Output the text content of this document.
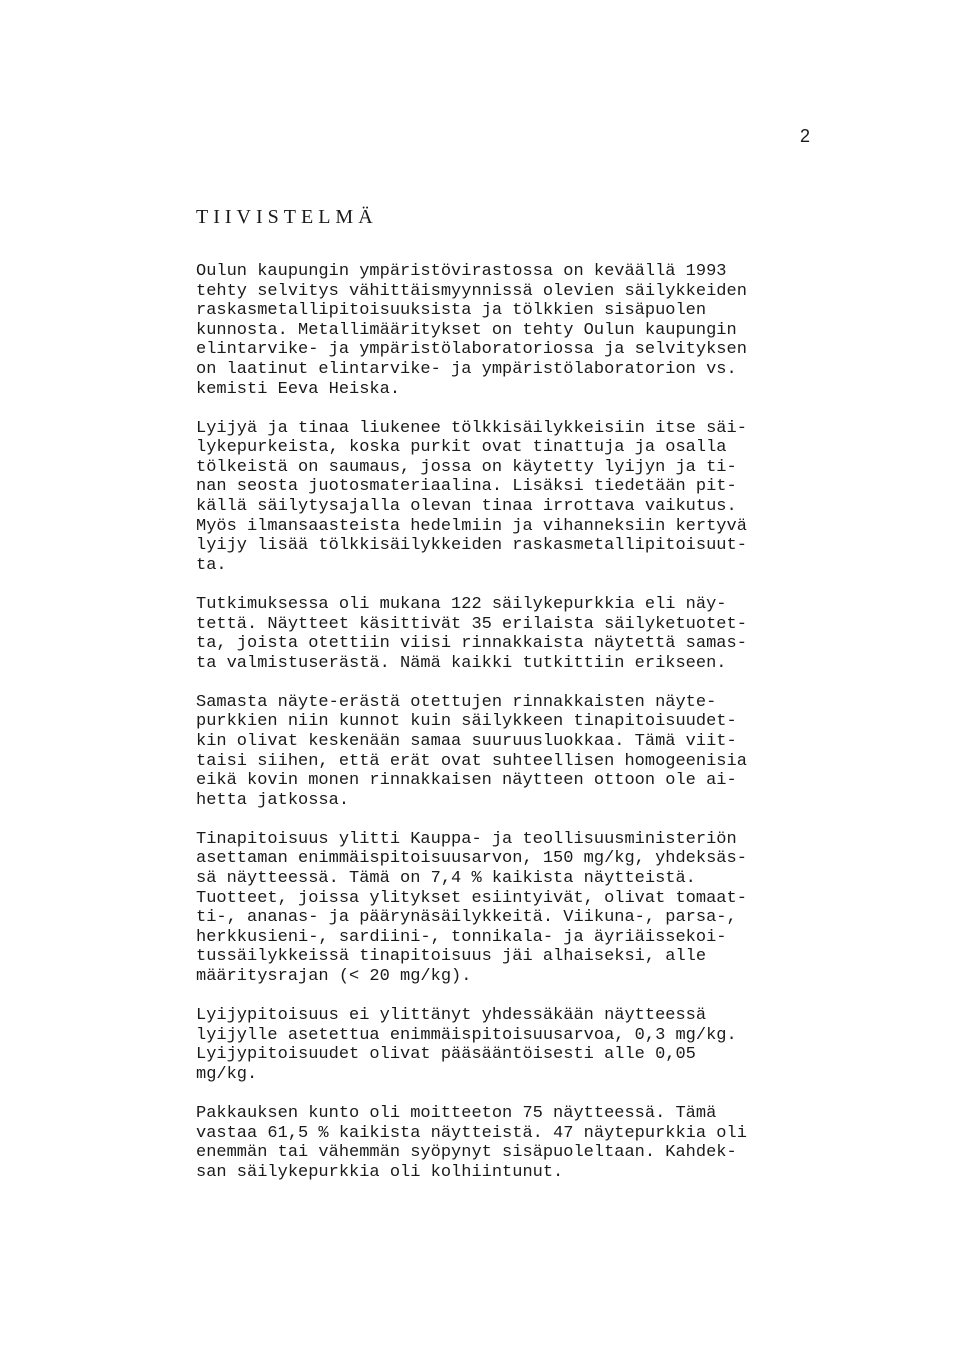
2
TIIVISTELMÄ

Oulun kaupungin ympäristövirastossa on keväällä 1993
tehty selvitys vähittäismyynnissä olevien säilykkeiden
raskasmetallipitoisuuksista ja tölkkien sisäpuolen
kunnosta. Metallimääritykset on tehty Oulun kaupungin
elintarvike- ja ympäristölaboratoriossa ja selvityksen
on laatinut elintarvike- ja ympäristölaboratorion vs.
kemisti Eeva Heiska.

Lyijyä ja tinaa liukenee tölkkisäilykkeisiin itse säi-
lykepurkeista, koska purkit ovat tinattuja ja osalla
tölkeistä on saumaus, jossa on käytetty lyijyn ja ti-
nan seosta juotosmateriaalina. Lisäksi tiedetään pit-
källä säilytysajalla olevan tinaa irrottava vaikutus.
Myös ilmansaasteista hedelmiin ja vihanneksiin kertyvä
lyijy lisää tölkkisäilykkeiden raskasmetallipitoisuut-
ta.

Tutkimuksessa oli mukana 122 säilykepurkkia eli näy-
tettä. Näytteet käsittivät 35 erilaista säilyketuotet-
ta, joista otettiin viisi rinnakkaista näytettä samas-
ta valmistuserästä. Nämä kaikki tutkittiin erikseen.

Samasta näyte-erästä otettujen rinnakkaisten näyte-
purkkien niin kunnot kuin säilykkeen tinapitoisuudet-
kin olivat keskenään samaa suuruusluokkaa. Tämä viit-
taisi siihen, että erät ovat suhteellisen homogeenisia
eikä kovin monen rinnakkaisen näytteen ottoon ole ai-
hetta jatkossa.

Tinapitoisuus ylitti Kauppa- ja teollisuusministeriön
asettaman enimmäispitoisuusarvon, 150 mg/kg, yhdeksäs-
sä näytteessä. Tämä on 7,4 % kaikista näytteistä.
Tuotteet, joissa ylitykset esiintyivät, olivat tomaat-
ti-, ananas- ja päärynäsäilykkeitä. Viikuna-, parsa-,
herkkusieni-, sardiini-, tonnikala- ja äyriäissekoi-
tussäilykkeissä tinapitoisuus jäi alhaiseksi, alle
määritysrajan (< 20 mg/kg).

Lyijypitoisuus ei ylittänyt yhdessäkään näytteessä
lyijylle asetettua enimmäispitoisuusarvoa, 0,3 mg/kg.
Lyijypitoisuudet olivat pääsääntöisesti alle 0,05
mg/kg.

Pakkauksen kunto oli moitteeton 75 näytteessä. Tämä
vastaa 61,5 % kaikista näytteistä. 47 näytepurkkia oli
enemmän tai vähemmän syöpynyt sisäpuoleltaan. Kahdek-
san säilykepurkkia oli kolhiintunut.
